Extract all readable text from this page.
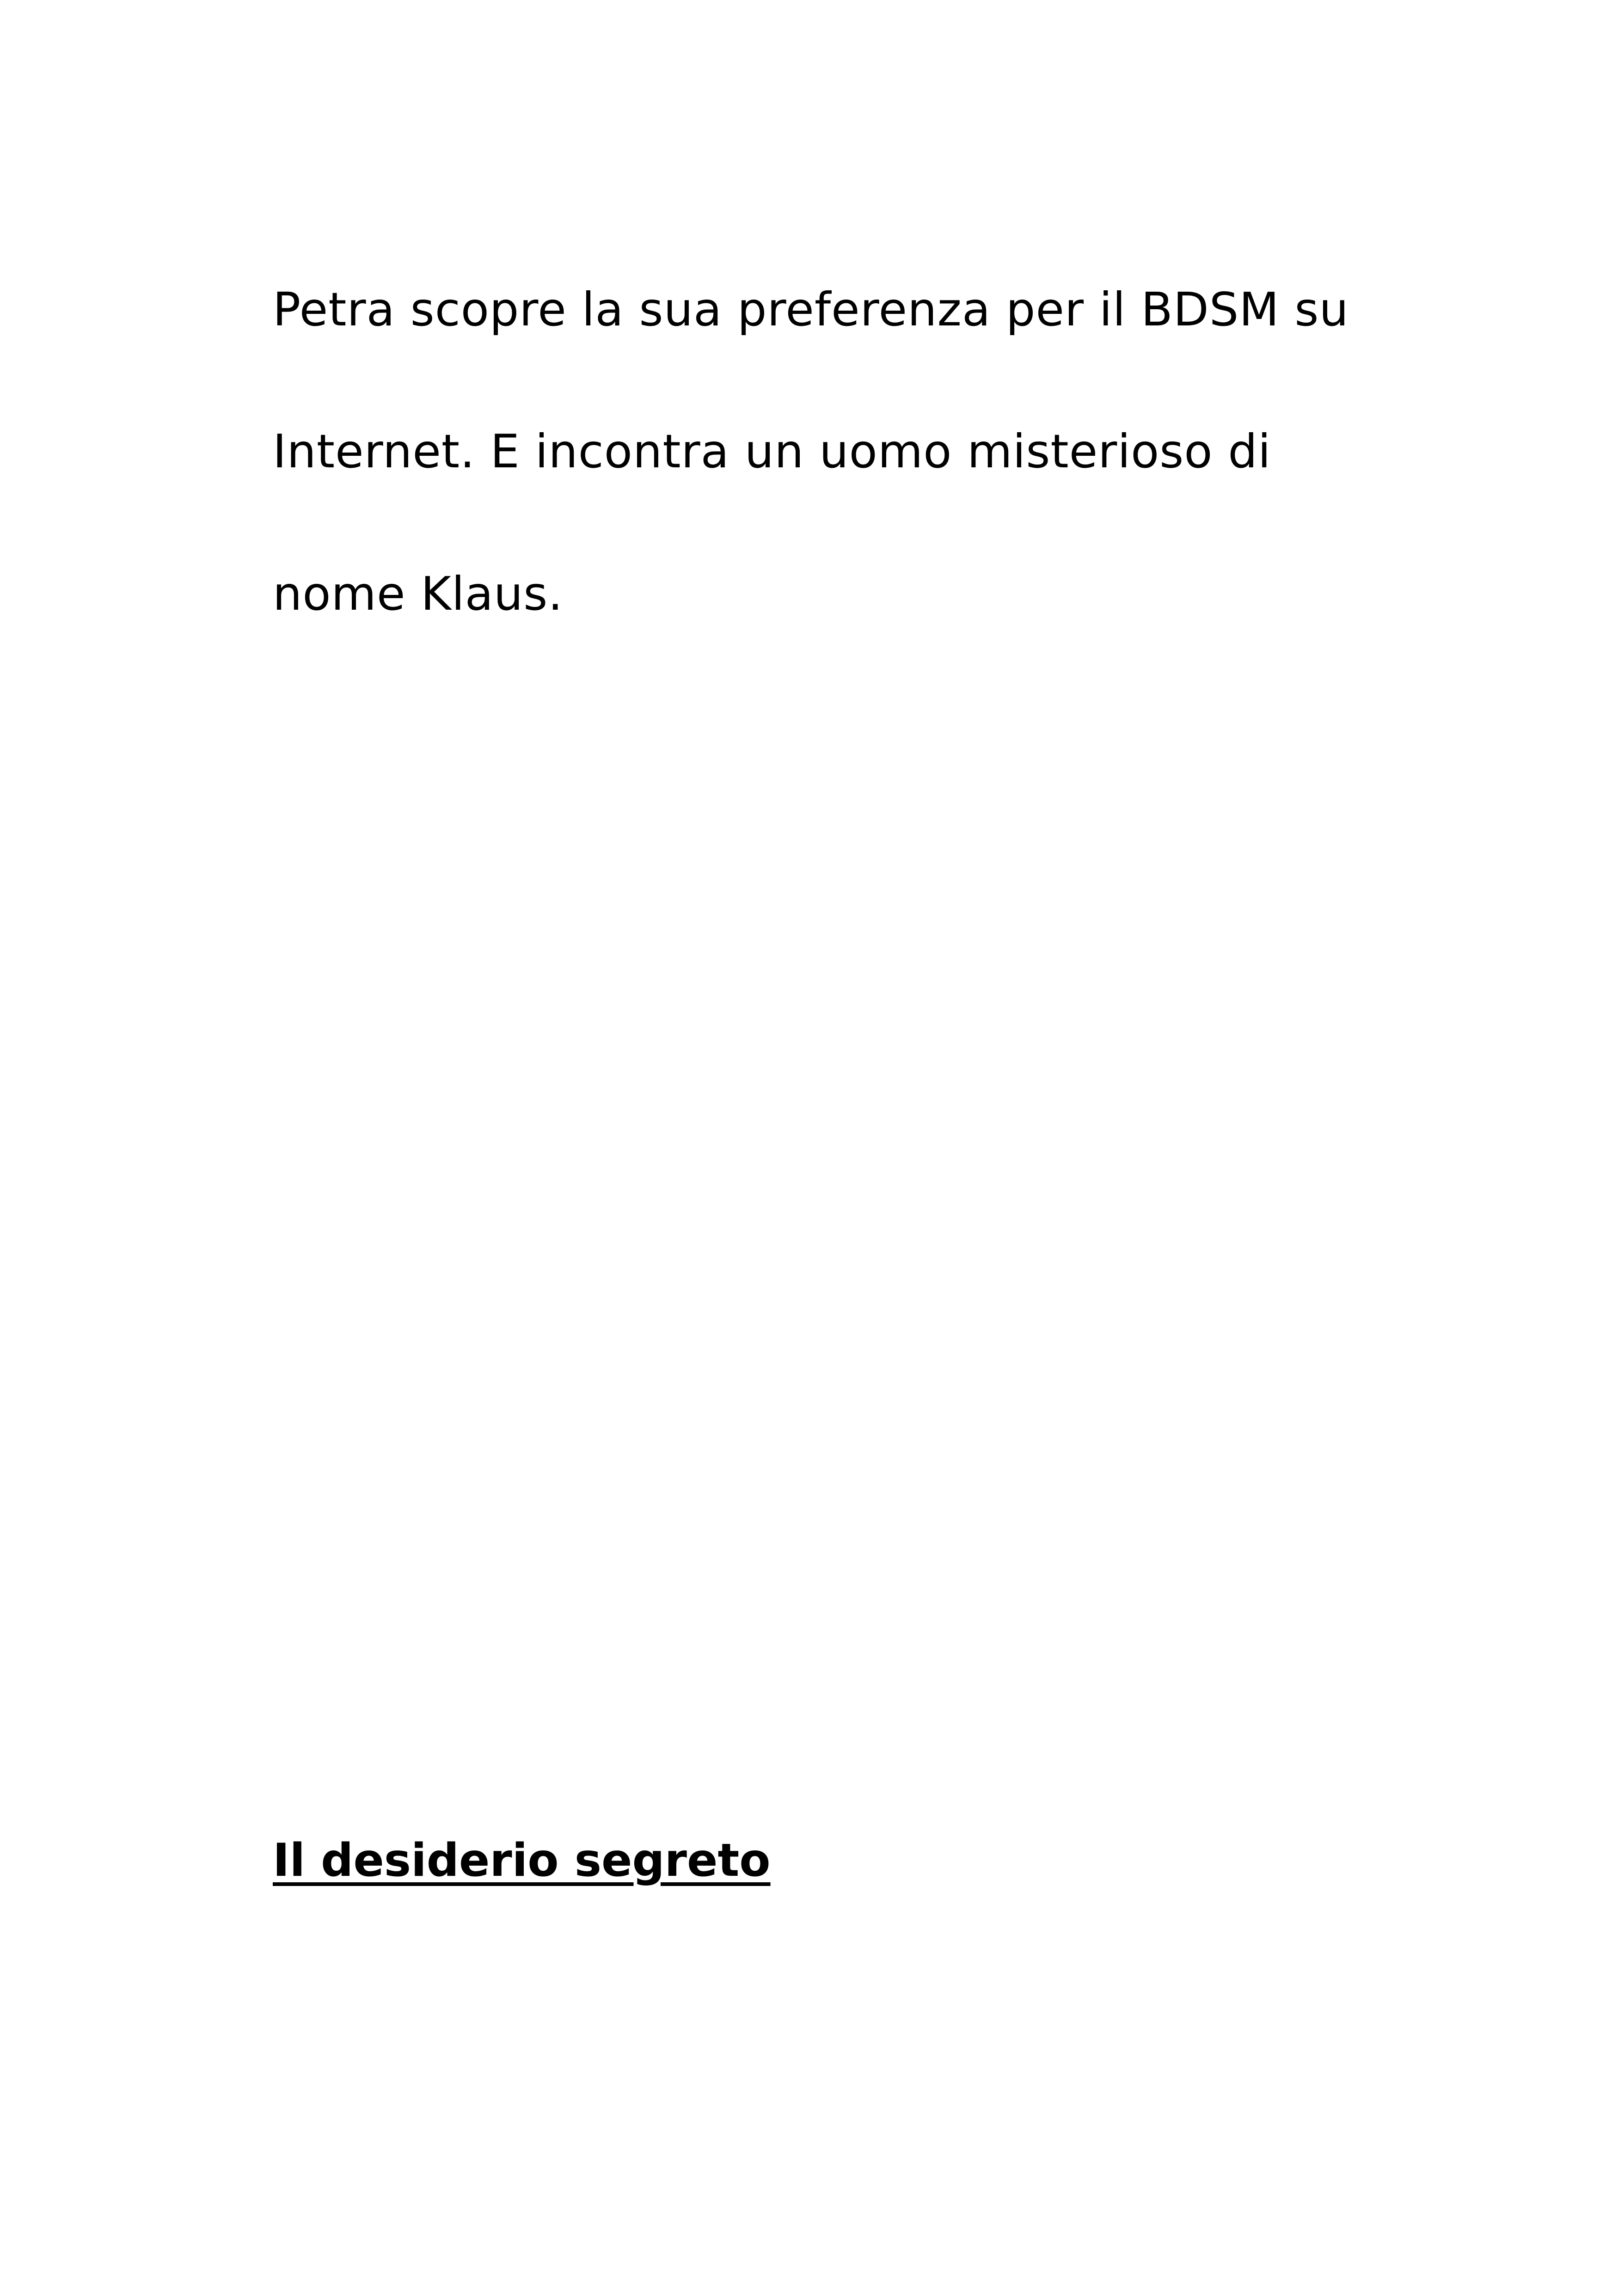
Petra scopre la sua preferenza per il BDSM su
Internet. E incontra un uomo misterioso di
nome Klaus.
Il desiderio segreto
